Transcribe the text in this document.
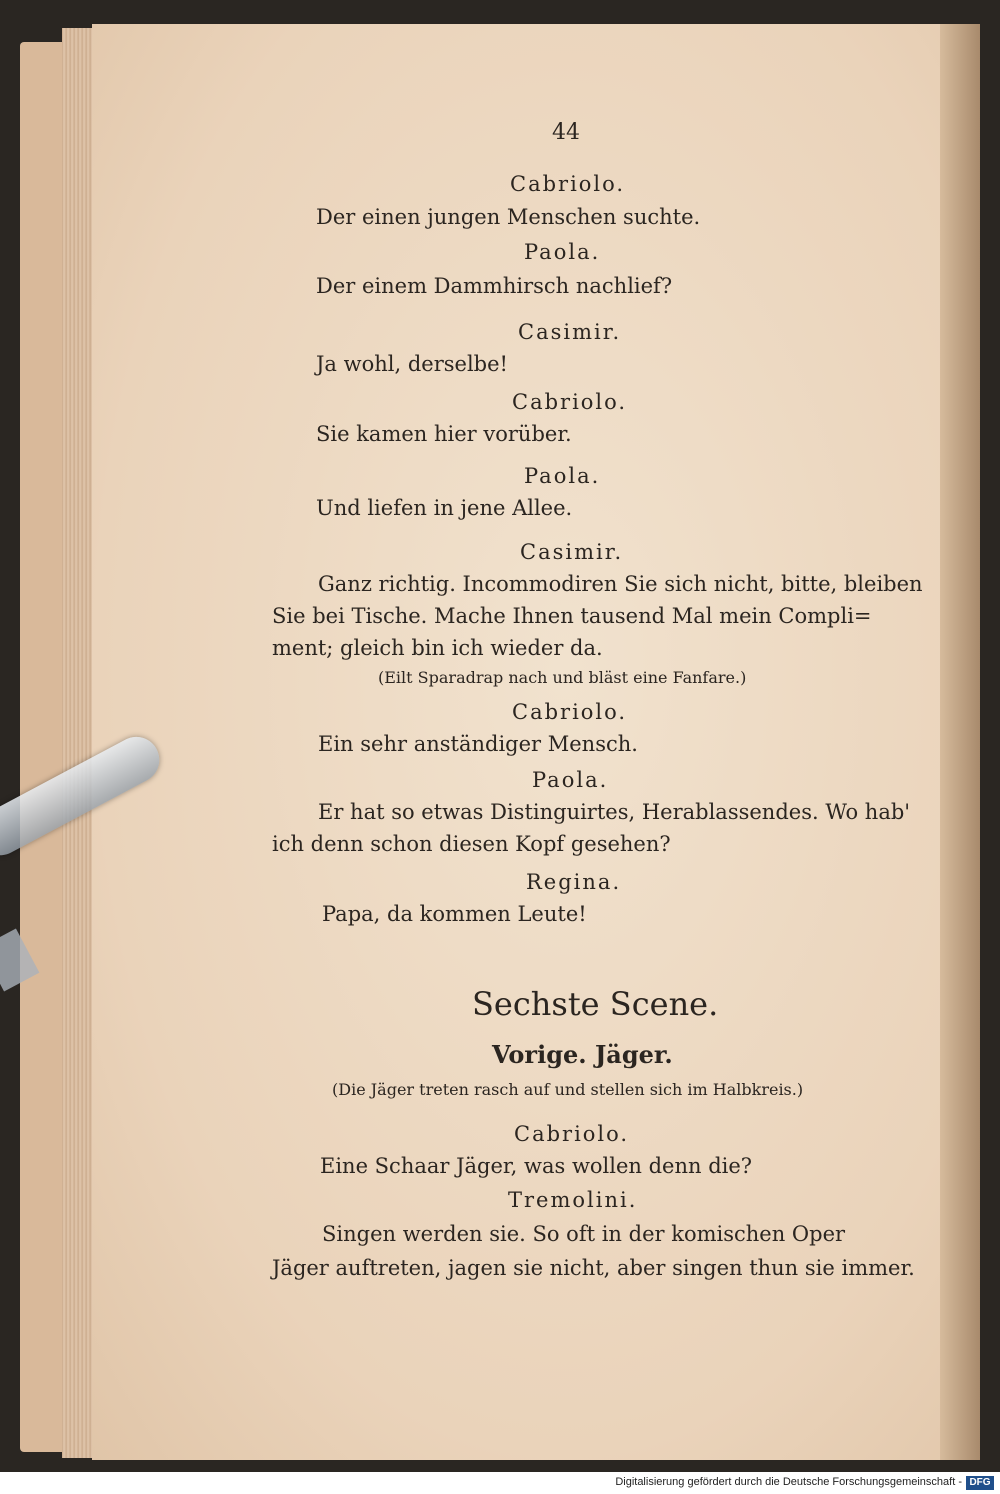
44
Cabriolo.
Der einen jungen Menschen suchte.
Paola.
Der einem Dammhirsch nachlief?
Casimir.
Ja wohl, derselbe!
Cabriolo.
Sie kamen hier vorüber.
Paola.
Und liefen in jene Allee.
Casimir.
Ganz richtig. Incommodiren Sie sich nicht, bitte, bleiben
Sie bei Tische. Mache Ihnen tausend Mal mein Compli=
ment; gleich bin ich wieder da.
(Eilt Sparadrap nach und bläst eine Fanfare.)
Cabriolo.
Ein sehr anständiger Mensch.
Paola.
Er hat so etwas Distinguirtes, Herablassendes. Wo hab'
ich denn schon diesen Kopf gesehen?
Regina.
Papa, da kommen Leute!
Sechste Scene.
Vorige. Jäger.
(Die Jäger treten rasch auf und stellen sich im Halbkreis.)
Cabriolo.
Eine Schaar Jäger, was wollen denn die?
Tremolini.
Singen werden sie. So oft in der komischen Oper
Jäger auftreten, jagen sie nicht, aber singen thun sie immer.
Digitalisierung gefördert durch die Deutsche Forschungsgemeinschaft - DFG
